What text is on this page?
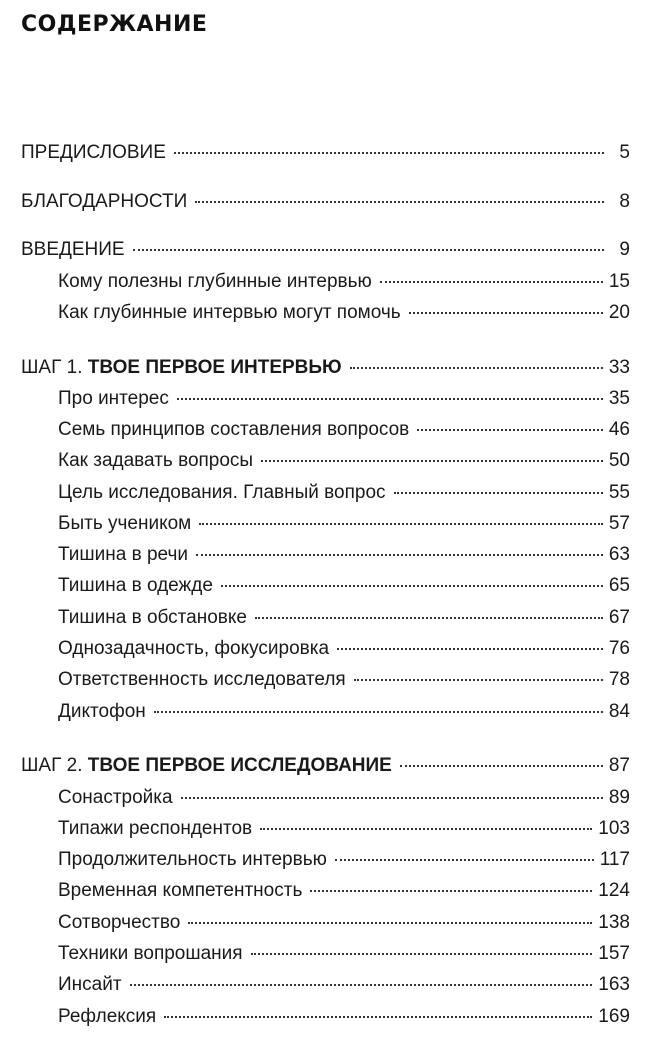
СОДЕРЖАНИЕ
ПРЕДИСЛОВИЕ	5
БЛАГОДАРНОСТИ	8
ВВЕДЕНИЕ	9
Кому полезны глубинные интервью	15
Как глубинные интервью могут помочь	20
ШАГ 1. ТВОЕ ПЕРВОЕ ИНТЕРВЬЮ	33
Про интерес	35
Семь принципов составления вопросов	46
Как задавать вопросы	50
Цель исследования. Главный вопрос	55
Быть учеником	57
Тишина в речи	63
Тишина в одежде	65
Тишина в обстановке	67
Однозадачность, фокусировка	76
Ответственность исследователя	78
Диктофон	84
ШАГ 2. ТВОЕ ПЕРВОЕ ИССЛЕДОВАНИЕ	87
Сонастройка	89
Типажи респондентов	103
Продолжительность интервью	117
Временная компетентность	124
Сотворчество	138
Техники вопрошания	157
Инсайт	163
Рефлексия	169
